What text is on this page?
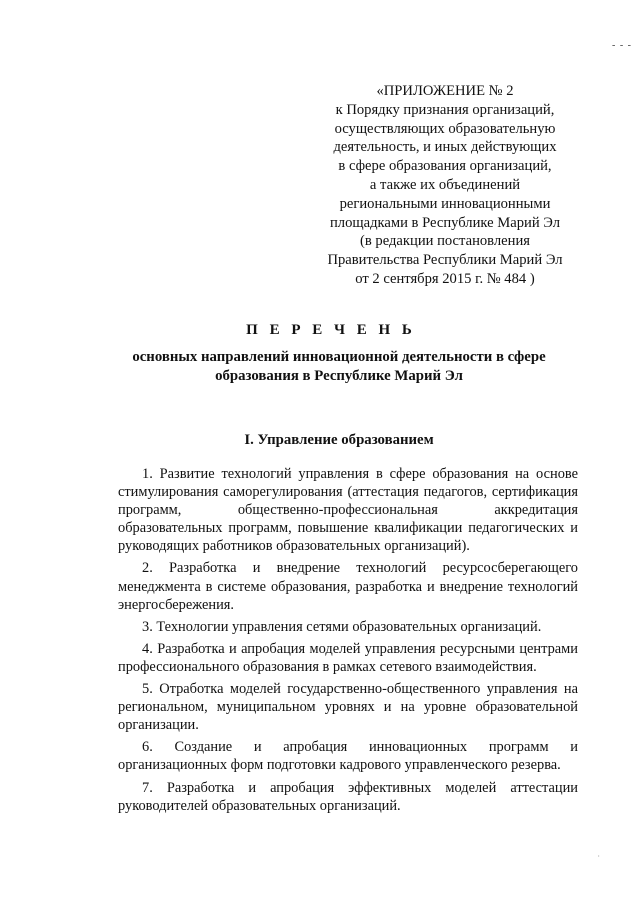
- - -
«ПРИЛОЖЕНИЕ № 2
к Порядку признания организаций,
осуществляющих образовательную
деятельность, и иных действующих
в сфере образования организаций,
а также их объединений
региональными инновационными
площадками в Республике Марий Эл
(в редакции постановления
Правительства Республики Марий Эл
от 2 сентября 2015 г. № 484 )
П Е Р Е Ч Е Н Ь
основных направлений инновационной деятельности в сфере образования в Республике Марий Эл
I. Управление образованием

1. Развитие технологий управления в сфере образования на основе стимулирования саморегулирования (аттестация педагогов, сертификация программ, общественно-профессиональная аккредитация образовательных программ, повышение квалификации педагогических и руководящих работников образовательных организаций).

2. Разработка и внедрение технологий ресурсосберегающего менеджмента в системе образования, разработка и внедрение технологий энергосбережения.

3. Технологии управления сетями образовательных организаций.

4. Разработка и апробация моделей управления ресурсными центрами профессионального образования в рамках сетевого взаимодействия.

5. Отработка моделей государственно-общественного управления на региональном, муниципальном уровнях и на уровне образовательной организации.

6. Создание и апробация инновационных программ и организационных форм подготовки кадрового управленческого резерва.

7. Разработка и апробация эффективных моделей аттестации руководителей образовательных организаций.

·
